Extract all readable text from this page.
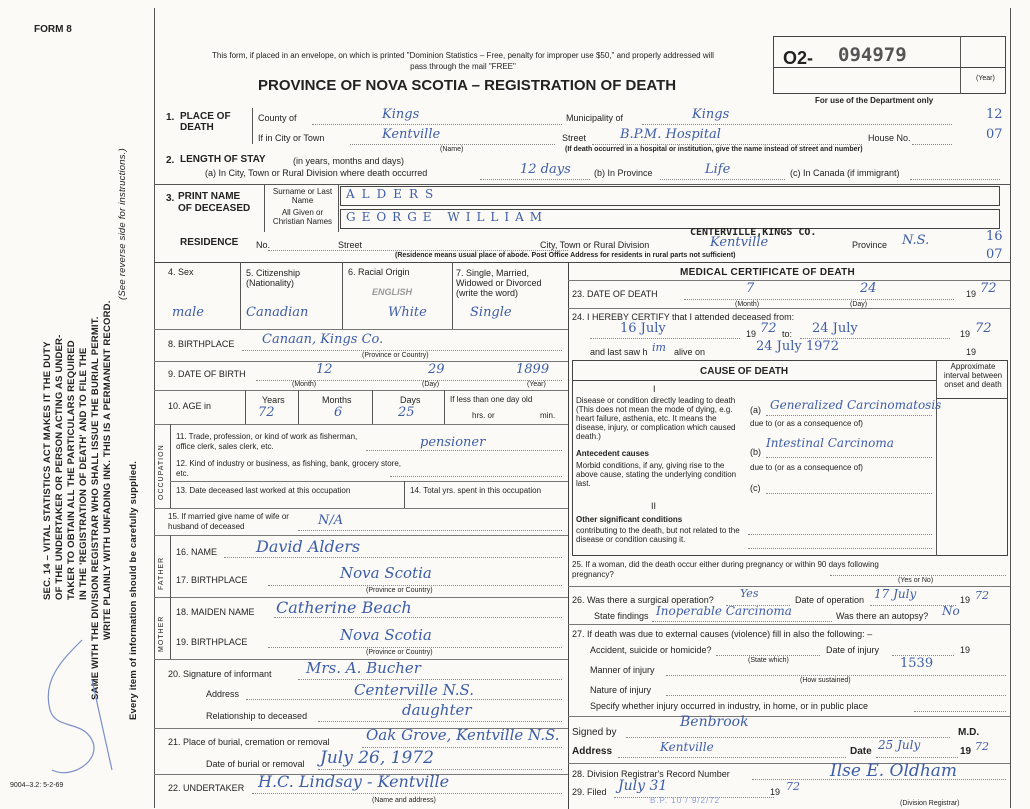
FORM 8
SEC. 14 – VITAL STATISTICS ACT MAKES IT THE DUTY OF THE UNDERTAKER OR PERSON ACTING AS UNDER- TAKER TO OBTAIN ALL THE PARTICULARS REQUIRED IN THE 'REGISTRATION OF DEATH' AND TO FILE THE SAME WITH THE DIVISION REGISTRAR WHO SHALL ISSUE THE BURIAL PERMIT. WRITE PLAINLY WITH UNFADING INK. THIS IS A PERMANENT RECORD.
(See reverse side for instructions.)
Every item of information should be carefully supplied.
9004–3.2: 5-2-69
This form, if placed in an envelope, on which is printed "Dominion Statistics – Free, penalty for improper use $50," and properly addressed will pass through the mail "FREE"
PROVINCE OF NOVA SCOTIA – REGISTRATION OF DEATH
O2- 094979
(Year)
For use of the Department only
1. PLACE OF DEATH
County of	Kings	Municipality of	Kings	12
If in City or Town	Kentville
(Name)
Street	B.P.M. Hospital	House No.	07
(If death occurred in a hospital or institution, give the name instead of street and number)
2. LENGTH OF STAY	(in years, months and days)
(a) In City, Town or Rural Division where death occurred	12 days	(b) In Province	Life	(c) In Canada (if immigrant)
3. PRINT NAME
OF DECEASED
Surname or Last Name
All Given or Christian Names
ALDERS
GEORGE WILLIAM
RESIDENCE No.	Street
CENTERVILLE,KINGS CO.
City, Town or Rural Division	Kentville	Province N.S.	16
07
(Residence means usual place of abode. Post Office Address for residents in rural parts not sufficient)
4. Sex
male
5. Citizenship (Nationality)
Canadian
6. Racial Origin
ENGLISH
White
7. Single, Married, Widowed or Divorced (write the word)
Single
8. BIRTHPLACE Canaan, Kings Co.
(Province or Country)
9. DATE OF BIRTH	12	29	1899
(Month)	(Day)	(Year)
10. AGE in
Years	Months	Days
72	6	25
If less than one day old
hrs. or	min.
OCCUPATION
11. Trade, profession, or kind of work as fisherman, office clerk, sales clerk, etc.	pensioner
12. Kind of industry or business, as fishing, bank, grocery store, etc.
13. Date deceased last worked at this occupation	14. Total yrs. spent in this occupation
15. If married give name of wife or husband of deceased	N/A
FATHER
16. NAME David Alders
17. BIRTHPLACE	Nova Scotia
(Province or Country)
MOTHER
18. MAIDEN NAME Catherine Beach
19. BIRTHPLACE	Nova Scotia
(Province or Country)
20. Signature of informant Mrs. A. Bucher
Address	Centerville N.S.
Relationship to deceased	daughter
21. Place of burial, cremation or removal Oak Grove, Kentville N.S.
Date of burial or removal July 26, 1972
22. UNDERTAKER H.C. Lindsay - Kentville
(Name and address)
MEDICAL CERTIFICATE OF DEATH
23. DATE OF DEATH	7	24	19 72
(Month)	(Day)
24. I HEREBY CERTIFY that I attended deceased from:
16 July	19 72 to: 24 July	19 72
and last saw h im alive on	24 July 1972	19
CAUSE OF DEATH	Approximate interval between onset and death
I
Disease or condition directly leading to death (This does not mean the mode of dying, e.g. heart failure, asthenia, etc. It means the disease, injury, or complication which caused death.)
(a) Generalized Carcinomatosis
due to (or as a consequence of)
Antecedent causes
Morbid conditions, if any, giving rise to the above cause, stating the underlying condition last.
(b)
Intestinal Carcinoma
due to (or as a consequence of)
(c)
II
Other significant conditions
contributing to the death, but not related to the disease or condition causing it.
25. If a woman, did the death occur either during pregnancy or within 90 days following pregnancy?
(Yes or No)
26. Was there a surgical operation? Yes	Date of operation 17 July	19 72
State findings Inoperable Carcinoma	Was there an autopsy? No
27. If death was due to external causes (violence) fill in also the following: –
Accident, suicide or homicide?
(State which)
Date of injury	19
Manner of injury	1539
(How sustained)
Nature of injury
Specify whether injury occurred in industry, in home, or in public place
Signed by
Benbrook
M.D.
Address	Kentville	Date 25 July	19 72
28. Division Registrar's Record Number
29. Filed July 31	19 72
Ilse E. Oldham
B.P. 10 / 9/2/72	(Division Registrar)
